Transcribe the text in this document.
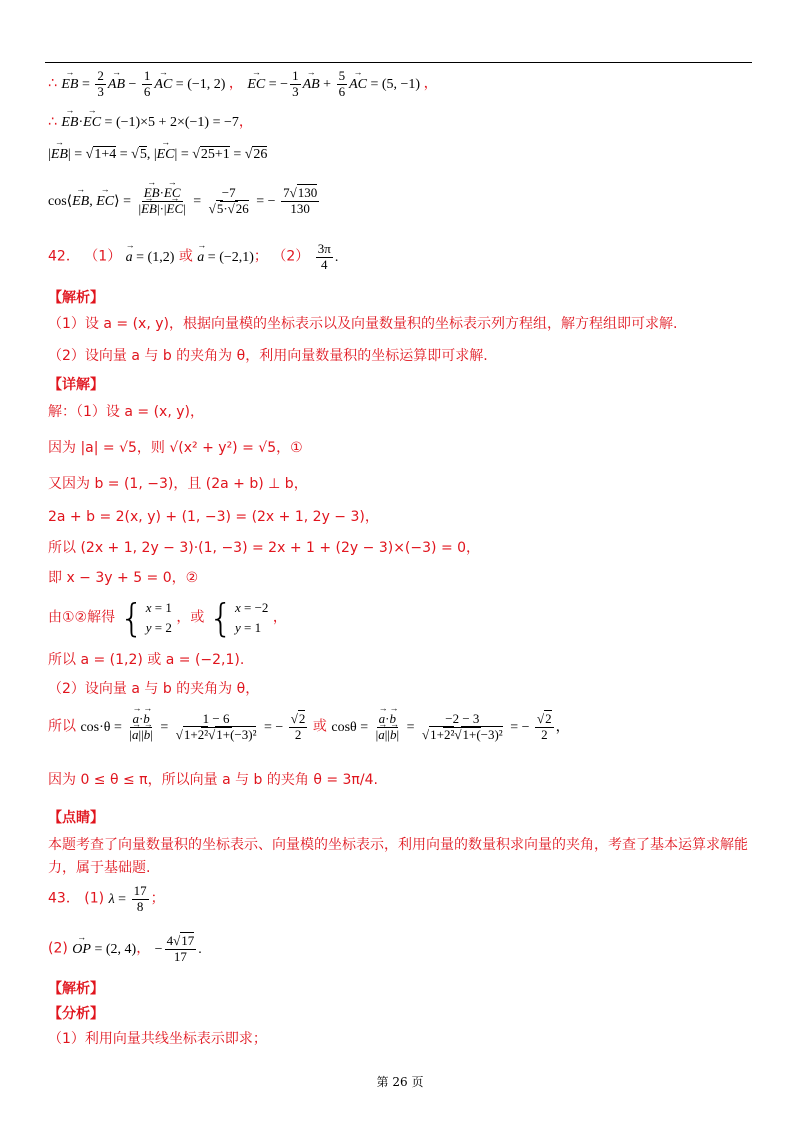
∴ EB → = $\frac{2}{3}$ AB → − $\frac{1}{6}$ AC → = (−1, 2) ， EC → = − $\frac{1}{3}$ AB → + $\frac{5}{6}$ AC → = (5, −1) ，
∴ EB →·EC → = (−1)×5 + 2×(−1) = −7，
|EB →| = √1+4 = √5, |EC →| = √25+1 = √26
cos⟨EB →, EC →⟩ = $\frac{EB \to\cdot EC \to}{|EB \to|\cdot|EC \to|} = \frac{-7}{√5\cdot√26}$ = − $\frac{7√130}{130}$
42． （1） a → = (1,2) 或 a → = (−2,1)； $(2) \frac{3\pi}{4}$ .
【解析】
（1）设 a = (x, y)，根据向量模的坐标表示以及向量数量积的坐标表示列方程组，解方程组即可求解.
（2）设向量 a 与 b 的夹角为 θ，利用向量数量积的坐标运算即可求解.
【详解】
解：（1）设 a = (x, y)，
因为 |a| = √5，则 √(x² + y²) = √5，①
又因为 b = (1, −3)，且 (2a + b) ⊥ b，
2a + b = 2(x, y) + (1, −3) = (2x + 1, 2y − 3)，
所以 (2x + 1, 2y − 3)·(1, −3) = 2x + 1 + (2y − 3)×(−3) = 0，
即 x − 3y + 5 = 0，②
由①②解得 { x = 1
y = 2
，或 { x = −2
y = 1
，
所以 a = (1,2) 或 a = (−2,1).
（2）设向量 a 与 b 的夹角为 θ，
所以 $\cos\cdot\theta = \frac{a \to\cdot b \to}{|a \to||b \to|} = \frac{1 - 6}{\text{√1+2²√1+(−3)²}}$ = − $\frac{√2}{2}$ 或 $\cos\theta = \frac{a \to\cdot b \to}{|a \to||b \to|} = \frac{-2 - 3}{\text{√1+2²√1+(−3)²}}$ = − $\frac{√2}{2}$ ，
因为 0 ≤ θ ≤ π，所以向量 a 与 b 的夹角 θ = 3π/4.
【点睛】
本题考查了向量数量积的坐标表示、向量模的坐标表示，利用向量的数量积求向量的夹角，考查了基本运算求解能力，属于基础题.
43． (1) $\lambda = \frac{17}{8}$ ；
(2) OP → = (2, 4)， − $\frac{4√17}{17}$ .
【解析】
【分析】
（1）利用向量共线坐标表示即求；
第 26 页
